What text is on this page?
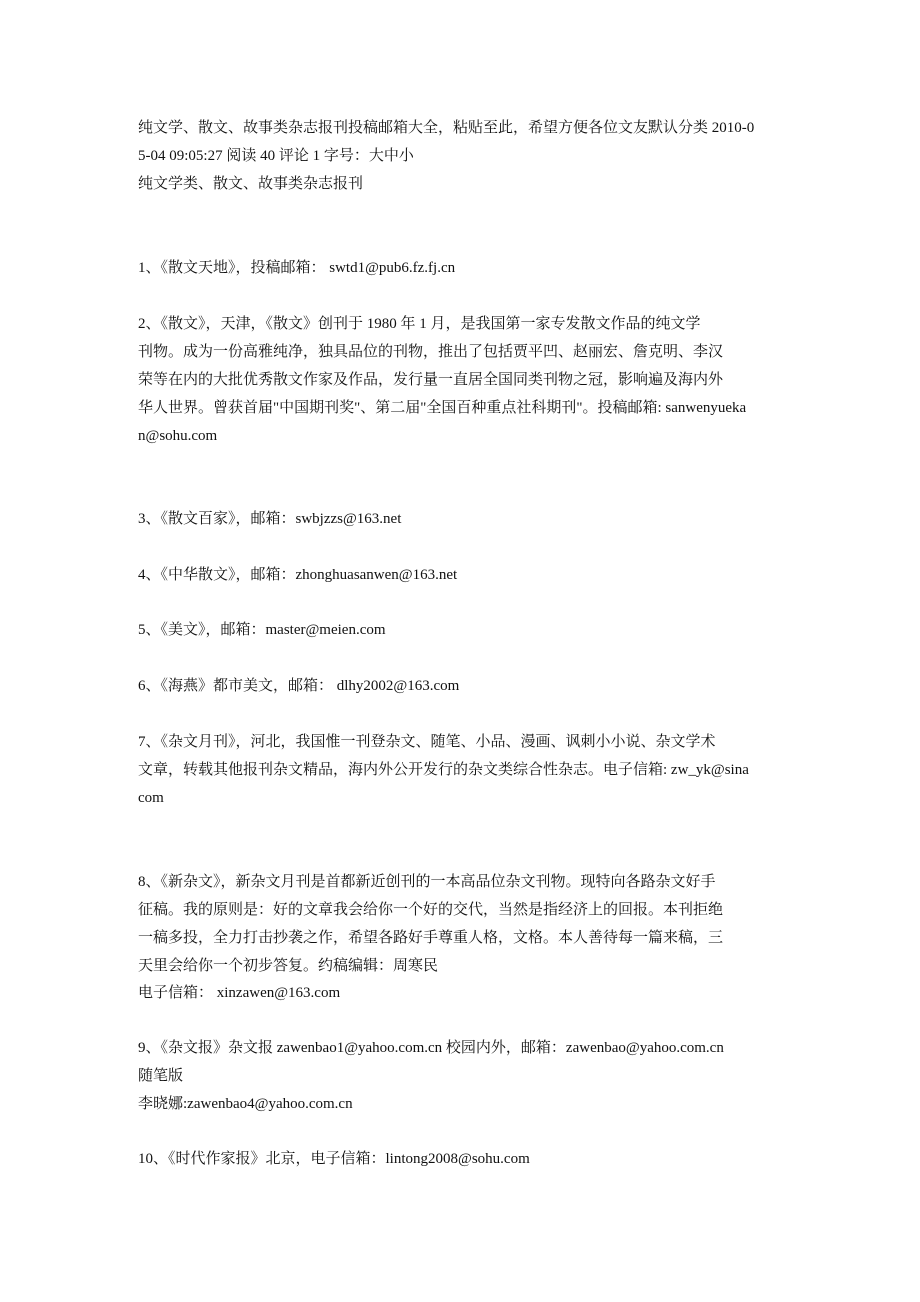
纯文学、散文、故事类杂志报刊投稿邮箱大全，粘贴至此，希望方便各位文友默认分类 2010-0
5-04 09:05:27 阅读 40 评论 1 字号：大中小
纯文学类、散文、故事类杂志报刊
1、《散文天地》，投稿邮箱： swtd1@pub6.fz.fj.cn
2、《散文》，天津，《散文》创刊于 1980 年 1 月，是我国第一家专发散文作品的纯文学
刊物。成为一份高雅纯净，独具品位的刊物，推出了包括贾平凹、赵丽宏、詹克明、李汉
荣等在内的大批优秀散文作家及作品，发行量一直居全国同类刊物之冠，影响遍及海内外
华人世界。曾获首届"中国期刊奖"、第二届"全国百种重点社科期刊"。投稿邮箱: sanwenyueka
n@sohu.com
3、《散文百家》，邮箱：swbjzzs@163.net
4、《中华散文》，邮箱：zhonghuasanwen@163.net
5、《美文》，邮箱：master@meien.com
6、《海燕》都市美文，邮箱： dlhy2002@163.com
7、《杂文月刊》，河北，我国惟一刊登杂文、随笔、小品、漫画、讽刺小小说、杂文学术
文章，转载其他报刊杂文精品，海内外公开发行的杂文类综合性杂志。电子信箱: zw_yk@sina
com
8、《新杂文》，新杂文月刊是首都新近创刊的一本高品位杂文刊物。现特向各路杂文好手
征稿。我的原则是：好的文章我会给你一个好的交代，当然是指经济上的回报。本刊拒绝
一稿多投，全力打击抄袭之作，希望各路好手尊重人格，文格。本人善待每一篇来稿，三
天里会给你一个初步答复。约稿编辑：周寒民
电子信箱： xinzawen@163.com
9、《杂文报》杂文报 zawenbao1@yahoo.com.cn 校园内外，邮箱：zawenbao@yahoo.com.cn
随笔版
李晓娜:zawenbao4@yahoo.com.cn
10、《时代作家报》北京，电子信箱：lintong2008@sohu.com
